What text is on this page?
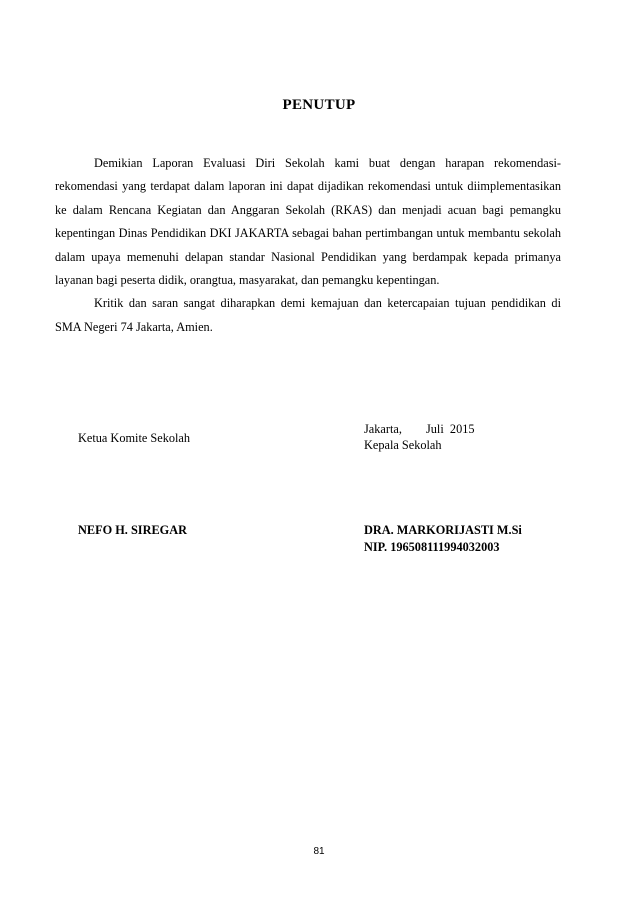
PENUTUP

Demikian Laporan Evaluasi Diri Sekolah kami buat dengan harapan rekomendasi-rekomendasi yang terdapat dalam laporan ini dapat dijadikan rekomendasi untuk diimplementasikan ke dalam Rencana Kegiatan dan Anggaran Sekolah (RKAS) dan menjadi acuan bagi pemangku kepentingan Dinas Pendidikan DKI JAKARTA sebagai bahan pertimbangan untuk membantu sekolah dalam upaya memenuhi delapan standar Nasional Pendidikan yang berdampak kepada primanya layanan bagi peserta didik, orangtua, masyarakat, dan pemangku kepentingan.

Kritik dan saran sangat diharapkan demi kemajuan dan ketercapaian tujuan pendidikan di SMA Negeri 74 Jakarta, Amien.

Ketua Komite Sekolah
Jakarta, Juli  2015
Kepala Sekolah
NEFO H. SIREGAR	DRA. MARKORIJASTI M.Si
NIP. 196508111994032003
81
